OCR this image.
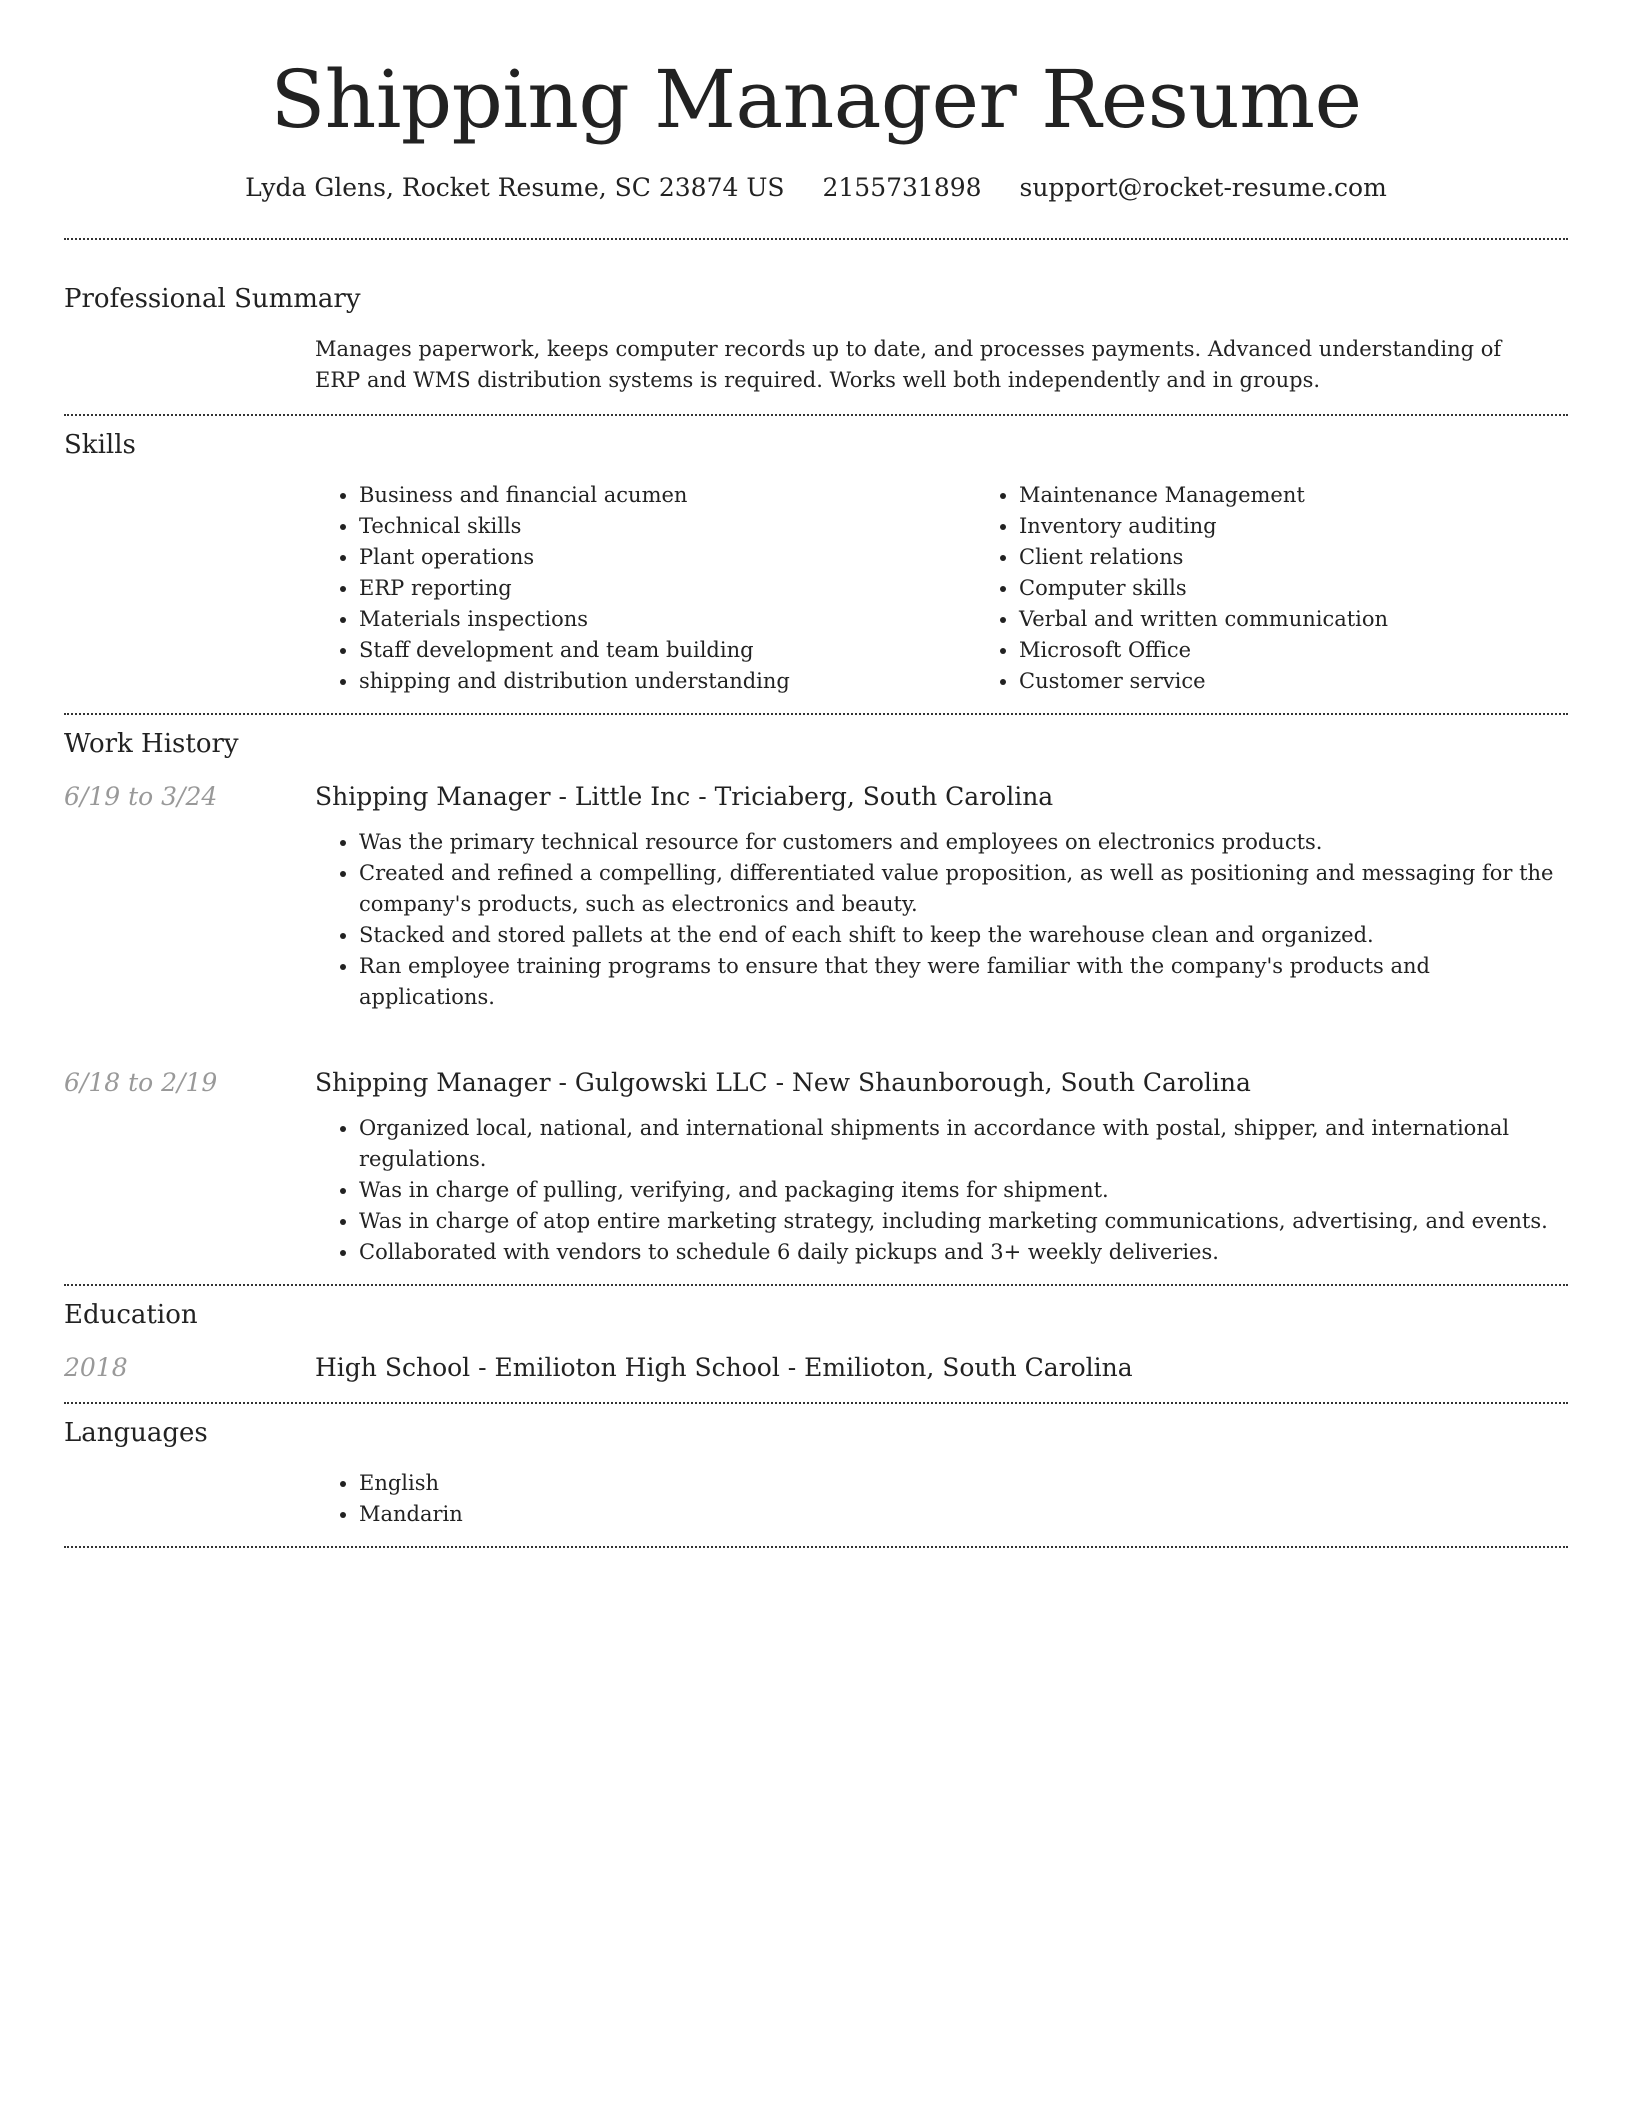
Shipping Manager Resume
Lyda Glens, Rocket Resume, SC 23874 US 2155731898 support@rocket-resume.com
Professional Summary

Manages paperwork, keeps computer records up to date, and processes payments. Advanced understanding of ERP and WMS distribution systems is required. Works well both independently and in groups.

Skills
• Business and financial acumen
• Technical skills
• Plant operations
• ERP reporting
• Materials inspections
• Staff development and team building
• shipping and distribution understanding
• Maintenance Management
• Inventory auditing
• Client relations
• Computer skills
• Verbal and written communication
• Microsoft Office
• Customer service
Work History
6/19 to 3/24	Shipping Manager - Little Inc - Triciaberg, South Carolina
• Was the primary technical resource for customers and employees on electronics products.
• Created and refined a compelling, differentiated value proposition, as well as positioning and messaging for the company's products, such as electronics and beauty.
• Stacked and stored pallets at the end of each shift to keep the warehouse clean and organized.
• Ran employee training programs to ensure that they were familiar with the company's products and applications.
6/18 to 2/19	Shipping Manager - Gulgowski LLC - New Shaunborough, South Carolina
• Organized local, national, and international shipments in accordance with postal, shipper, and international regulations.
• Was in charge of pulling, verifying, and packaging items for shipment.
• Was in charge of atop entire marketing strategy, including marketing communications, advertising, and events.
• Collaborated with vendors to schedule 6 daily pickups and 3+ weekly deliveries.
Education
2018	High School - Emilioton High School - Emilioton, South Carolina
Languages
• English
• Mandarin
